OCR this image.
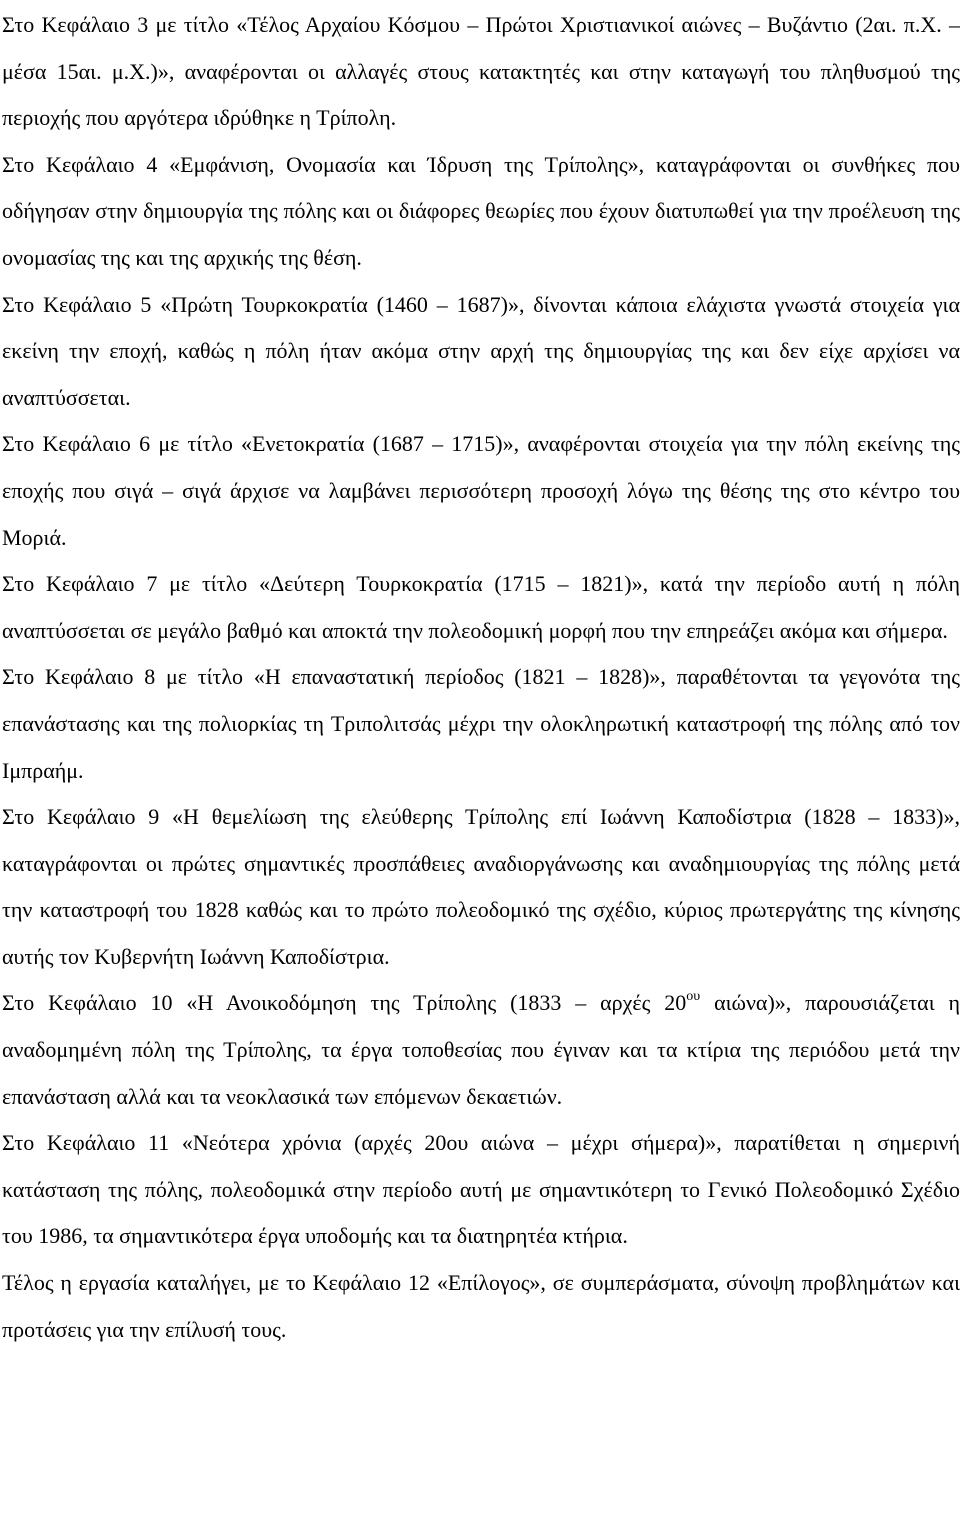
Στο Κεφάλαιο 3 με τίτλο «Τέλος Αρχαίου Κόσμου – Πρώτοι Χριστιανικοί αιώνες – Βυζάντιο (2αι. π.Χ. – μέσα 15αι. μ.Χ.)», αναφέρονται οι αλλαγές στους κατακτητές και στην καταγωγή του πληθυσμού της περιοχής που αργότερα ιδρύθηκε η Τρίπολη.

Στο Κεφάλαιο 4 «Εμφάνιση, Ονομασία και Ίδρυση της Τρίπολης», καταγράφονται οι συνθήκες που οδήγησαν στην δημιουργία της πόλης και οι διάφορες θεωρίες που έχουν διατυπωθεί για την προέλευση της ονομασίας της και της αρχικής της θέση.

Στο Κεφάλαιο 5 «Πρώτη Τουρκοκρατία (1460 – 1687)», δίνονται κάποια ελάχιστα γνωστά στοιχεία για εκείνη την εποχή, καθώς η πόλη ήταν ακόμα στην αρχή της δημιουργίας της και δεν είχε αρχίσει να αναπτύσσεται.

Στο Κεφάλαιο 6 με τίτλο «Ενετοκρατία (1687 – 1715)», αναφέρονται στοιχεία για την πόλη εκείνης της εποχής που σιγά – σιγά άρχισε να λαμβάνει περισσότερη προσοχή λόγω της θέσης της στο κέντρο του Μοριά.

Στο Κεφάλαιο 7 με τίτλο «Δεύτερη Τουρκοκρατία (1715 – 1821)», κατά την περίοδο αυτή η πόλη αναπτύσσεται σε μεγάλο βαθμό και αποκτά την πολεοδομική μορφή που την επηρεάζει ακόμα και σήμερα.

Στο Κεφάλαιο 8 με τίτλο «Η επαναστατική περίοδος (1821 – 1828)», παραθέτονται τα γεγονότα της επανάστασης και της πολιορκίας τη Τριπολιτσάς μέχρι την ολοκληρωτική καταστροφή της πόλης από τον Ιμπραήμ.

Στο Κεφάλαιο 9 «Η θεμελίωση της ελεύθερης Τρίπολης επί Ιωάννη Καποδίστρια (1828 – 1833)», καταγράφονται οι πρώτες σημαντικές προσπάθειες αναδιοργάνωσης και αναδημιουργίας της πόλης μετά την καταστροφή του 1828 καθώς και το πρώτο πολεοδομικό της σχέδιο, κύριος πρωτεργάτης της κίνησης αυτής τον Κυβερνήτη Ιωάννη Καποδίστρια.

Στο Κεφάλαιο 10 «Η Ανοικοδόμηση της Τρίπολης (1833 – αρχές $20^{o\upsilon}$ αιώνα)», παρουσιάζεται η αναδομημένη πόλη της Τρίπολης, τα έργα τοποθεσίας που έγιναν και τα κτίρια της περιόδου μετά την επανάσταση αλλά και τα νεοκλασικά των επόμενων δεκαετιών.

Στο Κεφάλαιο 11 «Νεότερα χρόνια (αρχές 20ου αιώνα – μέχρι σήμερα)», παρατίθεται η σημερινή κατάσταση της πόλης, πολεοδομικά στην περίοδο αυτή με σημαντικότερη το Γενικό Πολεοδομικό Σχέδιο του 1986, τα σημαντικότερα έργα υποδομής και τα διατηρητέα κτήρια.

Τέλος η εργασία καταλήγει, με το Κεφάλαιο 12 «Επίλογος», σε συμπεράσματα, σύνοψη προβλημάτων και προτάσεις για την επίλυσή τους.
